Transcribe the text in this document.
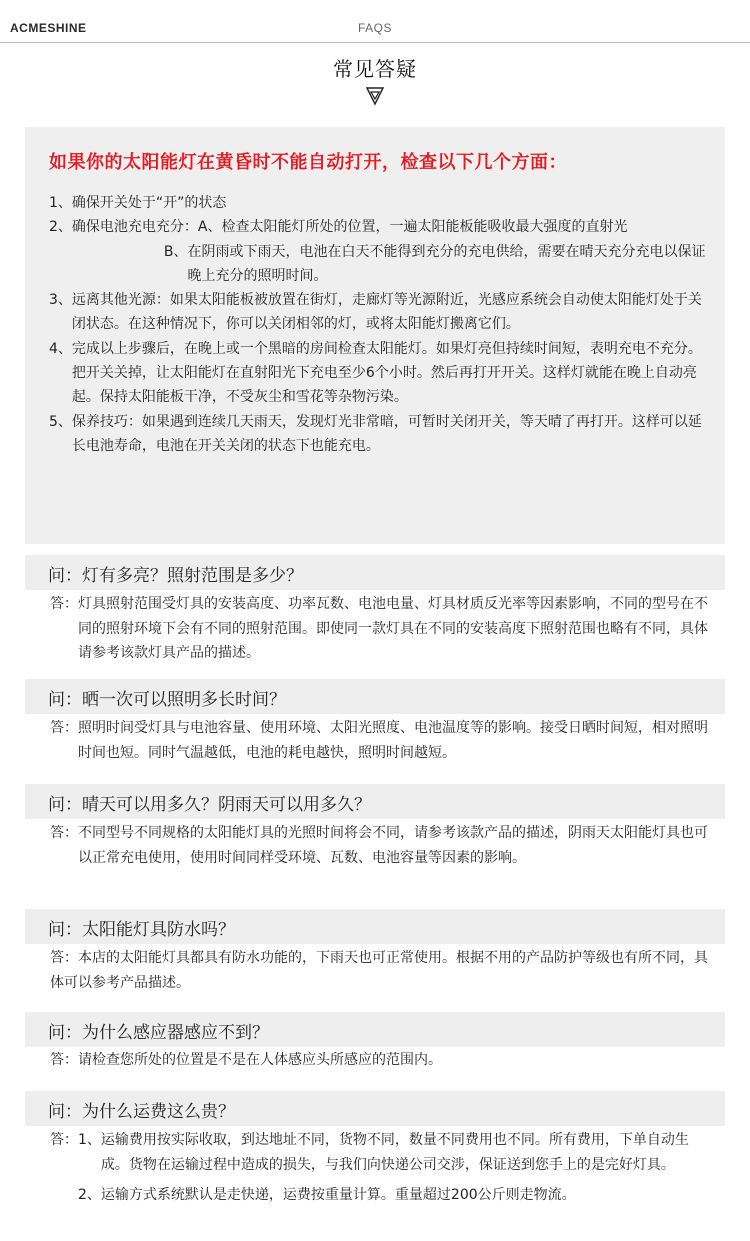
ACMESHINE	FAQS
常见答疑
如果你的太阳能灯在黄昏时不能自动打开，检查以下几个方面：
1、 确保开关处于“开”的状态
2、 确保电池充电充分： A、 检查太阳能灯所处的位置，一遍太阳能板能吸收最大强度的直射光
B、 在阴雨或下雨天，电池在白天不能得到充分的充电供给，需要在晴天充分充电以保证晚上充分的照明时间。
3、 远离其他光源：如果太阳能板被放置在街灯，走廊灯等光源附近，光感应系统会自动使太阳能灯处于关闭状态。在这种情况下，你可以关闭相邻的灯，或将太阳能灯搬离它们。
4、 完成以上步骤后，在晚上或一个黑暗的房间检查太阳能灯。如果灯亮但持续时间短，表明充电不充分。把开关关掉，让太阳能灯在直射阳光下充电至少6个小时。然后再打开开关。这样灯就能在晚上自动亮起。保持太阳能板干净，不受灰尘和雪花等杂物污染。
5、 保养技巧：如果遇到连续几天雨天，发现灯光非常暗，可暂时关闭开关，等天晴了再打开。这样可以延长电池寿命，电池在开关关闭的状态下也能充电。
问：灯有多亮？照射范围是多少？
答： 灯具照射范围受灯具的安装高度、功率瓦数、电池电量、灯具材质反光率等因素影响，不同的型号在不同的照射环境下会有不同的照射范围。即使同一款灯具在不同的安装高度下照射范围也略有不同，具体请参考该款灯具产品的描述。
问：晒一次可以照明多长时间？
答： 照明时间受灯具与电池容量、使用环境、太阳光照度、电池温度等的影响。接受日晒时间短，相对照明时间也短。同时气温越低，电池的耗电越快，照明时间越短。
问：晴天可以用多久？阴雨天可以用多久？
答： 不同型号不同规格的太阳能灯具的光照时间将会不同，请参考该款产品的描述，阴雨天太阳能灯具也可以正常充电使用，使用时间同样受环境、瓦数、电池容量等因素的影响。
问：太阳能灯具防水吗？
答：本店的太阳能灯具都具有防水功能的，下雨天也可正常使用。根据不用的产品防护等级也有所不同，具体可以参考产品描述。
问：为什么感应器感应不到？
答：请检查您所处的位置是不是在人体感应头所感应的范围内。
问：为什么运费这么贵？
答： 1、 运输费用按实际收取，到达地址不同，货物不同，数量不同费用也不同。所有费用，下单自动生成。货物在运输过程中造成的损失，与我们向快递公司交涉，保证送到您手上的是完好灯具。
2、 运输方式系统默认是走快递，运费按重量计算。重量超过200公斤则走物流。
